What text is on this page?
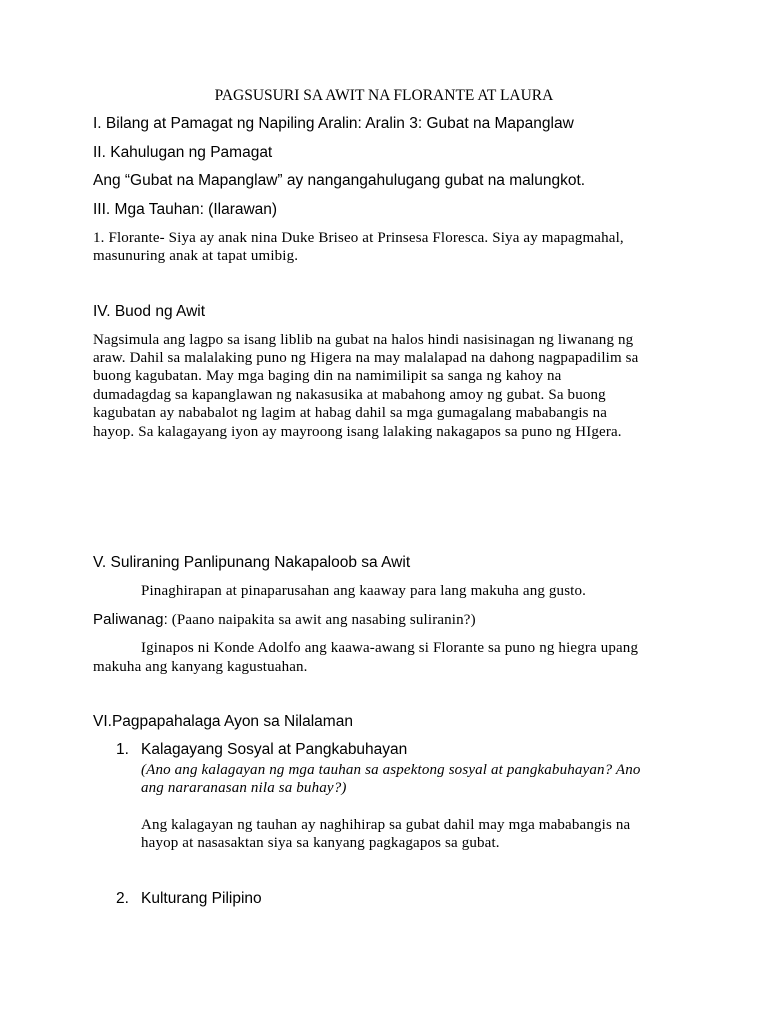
PAGSUSURI SA AWIT NA FLORANTE AT LAURA
I. Bilang at Pamagat ng Napiling Aralin: Aralin 3: Gubat na Mapanglaw
II. Kahulugan ng Pamagat
Ang “Gubat na Mapanglaw” ay nangangahulugang gubat na malungkot.
III. Mga Tauhan: (Ilarawan)
1. Florante- Siya ay anak nina Duke Briseo at Prinsesa Floresca. Siya ay mapagmahal,
masunuring anak at tapat umibig.
IV. Buod ng Awit
Nagsimula ang lagpo sa isang liblib na gubat na halos hindi nasisinagan ng liwanang ng
araw. Dahil sa malalaking puno ng Higera na may malalapad na dahong nagpapadilim sa
buong kagubatan. May mga baging din na namimilipit sa sanga ng kahoy na
dumadagdag sa kapanglawan ng nakasusika at mabahong amoy ng gubat. Sa buong
kagubatan ay nababalot ng lagim at habag dahil sa mga gumagalang mababangis na
hayop. Sa kalagayang iyon ay mayroong isang lalaking nakagapos sa puno ng HIgera.
V. Suliraning Panlipunang Nakapaloob sa Awit
Pinaghirapan at pinaparusahan ang kaaway para lang makuha ang gusto.
Paliwanag: (Paano naipakita sa awit ang nasabing suliranin?)
Iginapos ni Konde Adolfo ang kaawa-awang si Florante sa puno ng hiegra upang
makuha ang kanyang kagustuahan.
VI.Pagpapahalaga Ayon sa Nilalaman
1. Kalagayang Sosyal at Pangkabuhayan
(Ano ang kalagayan ng mga tauhan sa aspektong sosyal at pangkabuhayan? Ano
ang nararanasan nila sa buhay?)
Ang kalagayan ng tauhan ay naghihirap sa gubat dahil may mga mababangis na
hayop at nasasaktan siya sa kanyang pagkagapos sa gubat.
2. Kulturang Pilipino
